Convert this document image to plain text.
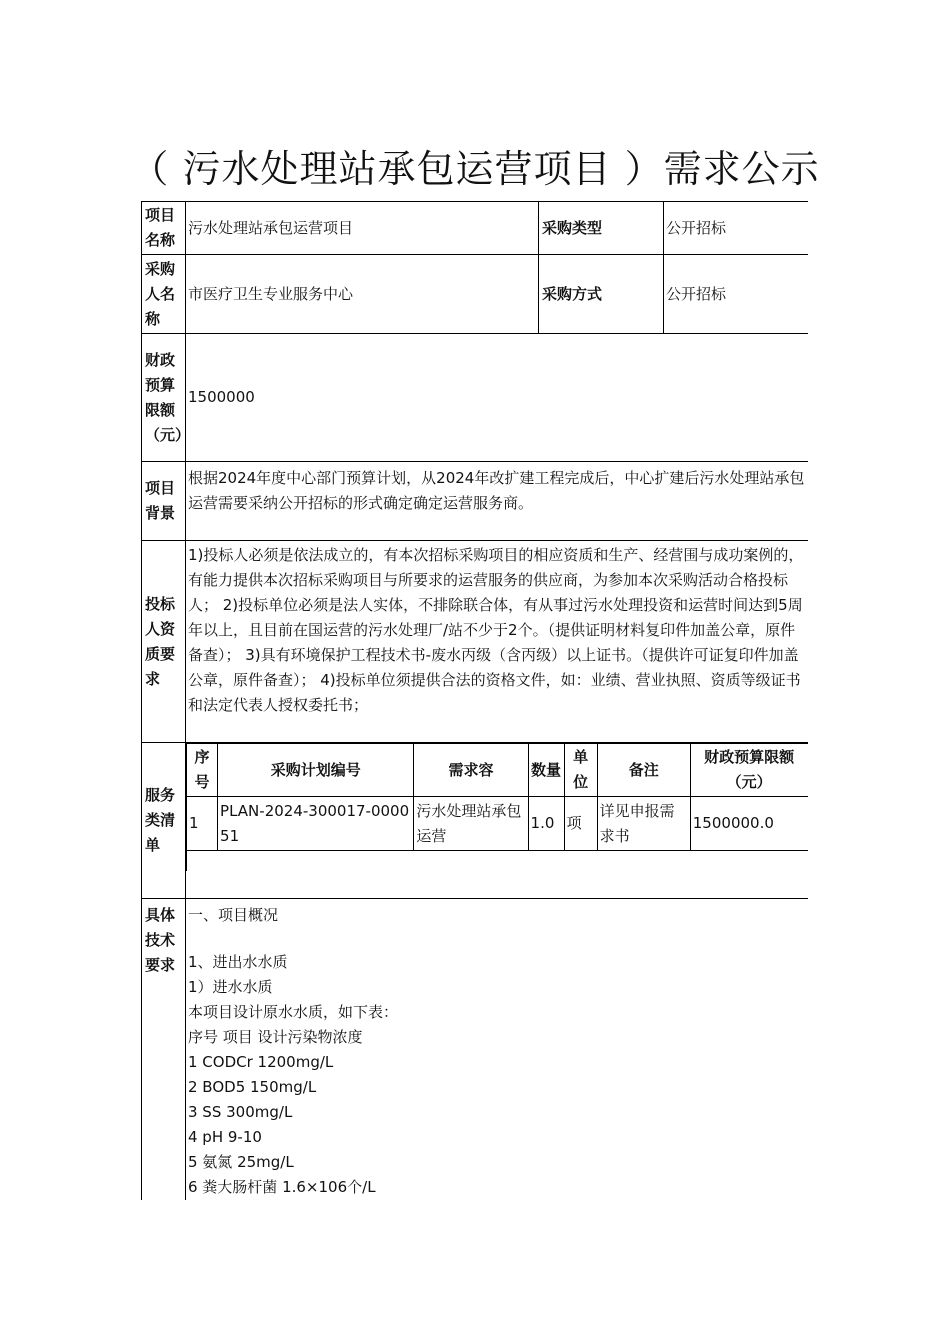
（ 污水处理站承包运营项目 ）需求公示
项目名称	污水处理站承包运营项目	采购类型	公开招标
采购人名称	市医疗卫生专业服务中心	采购方式	公开招标
财政预算限额（元）	1500000
项目背景	根据2024年度中心部门预算计划，从2024年改扩建工程完成后，中心扩建后污水处理站承包运营需要采纳公开招标的形式确定确定运营服务商。
投标人资质要求	1)投标人必须是依法成立的，有本次招标采购项目的相应资质和生产、经营围与成功案例的，有能力提供本次招标采购项目与所要求的运营服务的供应商，为参加本次采购活动合格投标人； 2)投标单位必须是法人实体，不排除联合体，有从事过污水处理投资和运营时间达到5周年以上，且目前在国运营的污水处理厂/站不少于2个。（提供证明材料复印件加盖公章，原件备查）； 3)具有环境保护工程技术书-废水丙级（含丙级）以上证书。（提供许可证复印件加盖公章，原件备查）； 4)投标单位须提供合法的资格文件，如：业绩、营业执照、资质等级证书和法定代表人授权委托书；
服务类清单	
序号	采购计划编号	需求容	数量	单位	备注	财政预算限额（元）
1	PLAN-2024-300017-000051	污水处理站承包运营	1.0	项	详见申报需求书	1500000.0

具体技术要求	

一、项目概况

1、进出水水质

1）进水水质

本项目设计原水水质，如下表：

序号 项目 设计污染物浓度

1 CODCr 1200mg/L

2 BOD5 150mg/L

3 SS 300mg/L

4 pH 9-10

5 氨氮 25mg/L

6 粪大肠杆菌 1.6×106个/L
